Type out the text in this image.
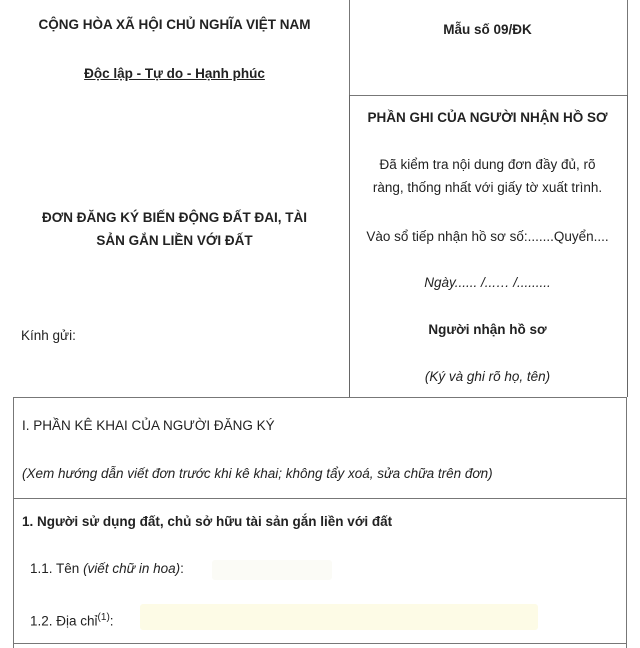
CỘNG HÒA XÃ HỘI CHỦ NGHĨA VIỆT NAM
Độc lập - Tự do - Hạnh phúc
Mẫu số 09/ĐK
ĐƠN ĐĂNG KÝ BIẾN ĐỘNG ĐẤT ĐAI, TÀI
SẢN GẮN LIỀN VỚI ĐẤT
Kính gửi:
PHẦN GHI CỦA NGƯỜI NHẬN HỒ SƠ
Đã kiểm tra nội dung đơn đầy đủ, rõ
ràng, thống nhất với giấy tờ xuất trình.
Vào sổ tiếp nhận hồ sơ số:.......Quyển....
Ngày...... /...… /.........
Người nhận hồ sơ
(Ký và ghi rõ họ, tên)
I. PHẦN KÊ KHAI CỦA NGƯỜI ĐĂNG KÝ
(Xem hướng dẫn viết đơn trước khi kê khai; không tẩy xoá, sửa chữa trên đơn)
1. Người sử dụng đất, chủ sở hữu tài sản gắn liền với đất
1.1. Tên (viết chữ in hoa):
1.2. Địa chỉ$^{(1)}$:
